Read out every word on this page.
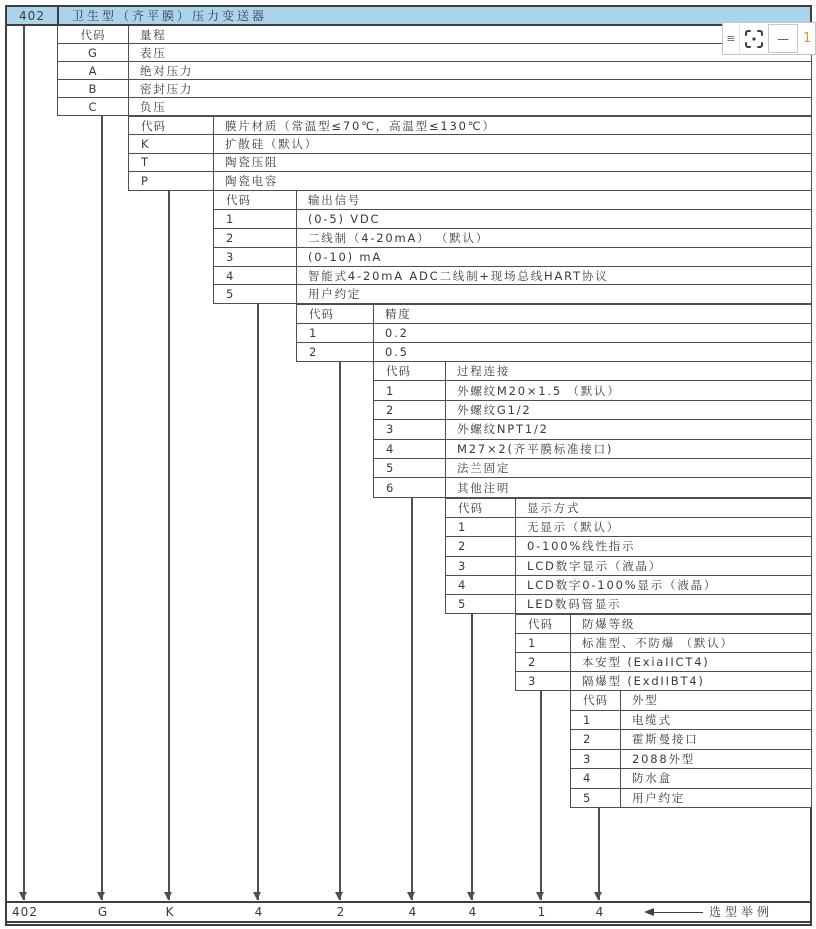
402	卫生型（齐平膜）压力变送器
代码	量程
G	表压
A	绝对压力
B	密封压力
C	负压
代码	膜片材质（常温型≤70℃，高温型≤130℃）
K	扩散硅（默认）
T	陶瓷压阻
P	陶瓷电容
代码	输出信号
1	(0-5) VDC
2	二线制（4-20mA） （默认）
3	(0-10) mA
4	智能式4-20mA ADC二线制+现场总线HART协议
5	用户约定
代码	精度
1	0.2
2	0.5
代码	过程连接
1	外螺纹M20×1.5 （默认）
2	外螺纹G1/2
3	外螺纹NPT1/2
4	M27×2(齐平膜标准接口)
5	法兰固定
6	其他注明
代码	显示方式
1	无显示（默认）
2	0-100%线性指示
3	LCD数字显示（液晶）
4	LCD数字0-100%显示（液晶）
5	LED数码管显示
代码	防爆等级
1	标准型、不防爆 （默认）
2	本安型 (ExiaIICT4)
3	隔爆型 (ExdIIBT4)
代码	外型
1	电缆式
2	霍斯曼接口
3	2088外型
4	防水盒
5	用户约定
402	G	K	4	2	4	4	1	4	选型举例
≡	—	1
